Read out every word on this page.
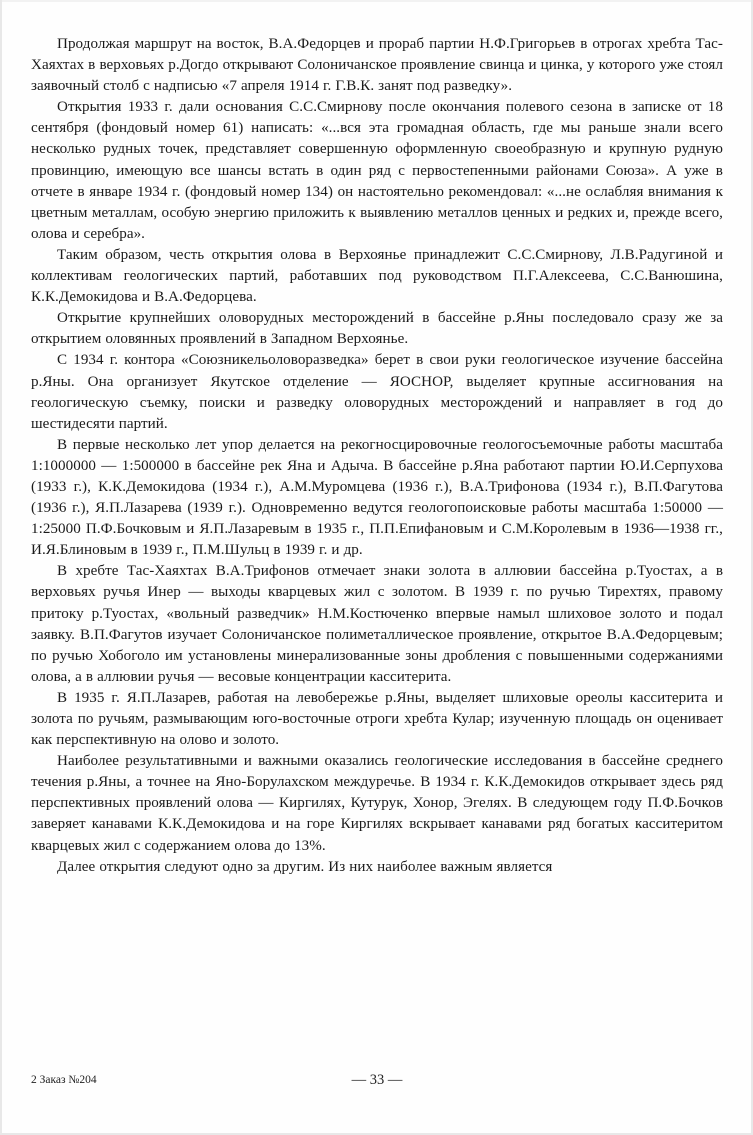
Продолжая маршрут на восток, В.А.Федорцев и прораб партии Н.Ф.Григорьев в отрогах хребта Тас-Хаяхтах в верховьях р.Догдо открывают Солоничанское проявление свинца и цинка, у которого уже стоял заявочный столб с надписью «7 апреля 1914 г. Г.В.К. занят под разведку».

Открытия 1933 г. дали основания С.С.Смирнову после окончания полевого сезона в записке от 18 сентября (фондовый номер 61) написать: «...вся эта громадная область, где мы раньше знали всего несколько рудных точек, представляет совершенную оформленную своеобразную и крупную рудную провинцию, имеющую все шансы встать в один ряд с первостепенными районами Союза». А уже в отчете в январе 1934 г. (фондовый номер 134) он настоятельно рекомендовал: «...не ослабляя внимания к цветным металлам, особую энергию приложить к выявлению металлов ценных и редких и, прежде всего, олова и серебра».

Таким образом, честь открытия олова в Верхоянье принадлежит С.С.Смирнову, Л.В.Радугиной и коллективам геологических партий, работавших под руководством П.Г.Алексеева, С.С.Ванюшина, К.К.Демокидова и В.А.Федорцева.

Открытие крупнейших оловорудных месторождений в бассейне р.Яны последовало сразу же за открытием оловянных проявлений в Западном Верхоянье.

С 1934 г. контора «Союзникельоловоразведка» берет в свои руки геологическое изучение бассейна р.Яны. Она организует Якутское отделение — ЯОСНОР, выделяет крупные ассигнования на геологическую съемку, поиски и разведку оловорудных месторождений и направляет в год до шестидесяти партий.

В первые несколько лет упор делается на рекогносцировочные геологосъемочные работы масштаба 1:1000000 — 1:500000 в бассейне рек Яна и Адыча. В бассейне р.Яна работают партии Ю.И.Серпухова (1933 г.), К.К.Демокидова (1934 г.), А.М.Муромцева (1936 г.), В.А.Трифонова (1934 г.), В.П.Фагутова (1936 г.), Я.П.Лазарева (1939 г.). Одновременно ведутся геологопоисковые работы масштаба 1:50000 — 1:25000 П.Ф.Бочковым и Я.П.Лазаревым в 1935 г., П.П.Епифановым и С.М.Королевым в 1936—1938 гг., И.Я.Блиновым в 1939 г., П.М.Шульц в 1939 г. и др.

В хребте Тас-Хаяхтах В.А.Трифонов отмечает знаки золота в аллювии бассейна р.Туостах, а в верховьях ручья Инер — выходы кварцевых жил с золотом. В 1939 г. по ручью Тирехтях, правому притоку р.Туостах, «вольный разведчик» Н.М.Костюченко впервые намыл шлиховое золото и подал заявку. В.П.Фагутов изучает Солоничанское полиметаллическое проявление, открытое В.А.Федорцевым; по ручью Хобоголо им установлены минерализованные зоны дробления с повышенными содержаниями олова, а в аллювии ручья — весовые концентрации касситерита.

В 1935 г. Я.П.Лазарев, работая на левобережье р.Яны, выделяет шлиховые ореолы касситерита и золота по ручьям, размывающим юго-восточные отроги хребта Кулар; изученную площадь он оценивает как перспективную на олово и золото.

Наиболее результативными и важными оказались геологические исследования в бассейне среднего течения р.Яны, а точнее на Яно-Борулахском междуречье. В 1934 г. К.К.Демокидов открывает здесь ряд перспективных проявлений олова — Киргилях, Кутурук, Хонор, Эгелях. В следующем году П.Ф.Бочков заверяет канавами К.К.Демокидова и на горе Киргилях вскрывает канавами ряд богатых касситеритом кварцевых жил с содержанием олова до 13%.

Далее открытия следуют одно за другим. Из них наиболее важным является

2 Заказ №204	— 33 —
